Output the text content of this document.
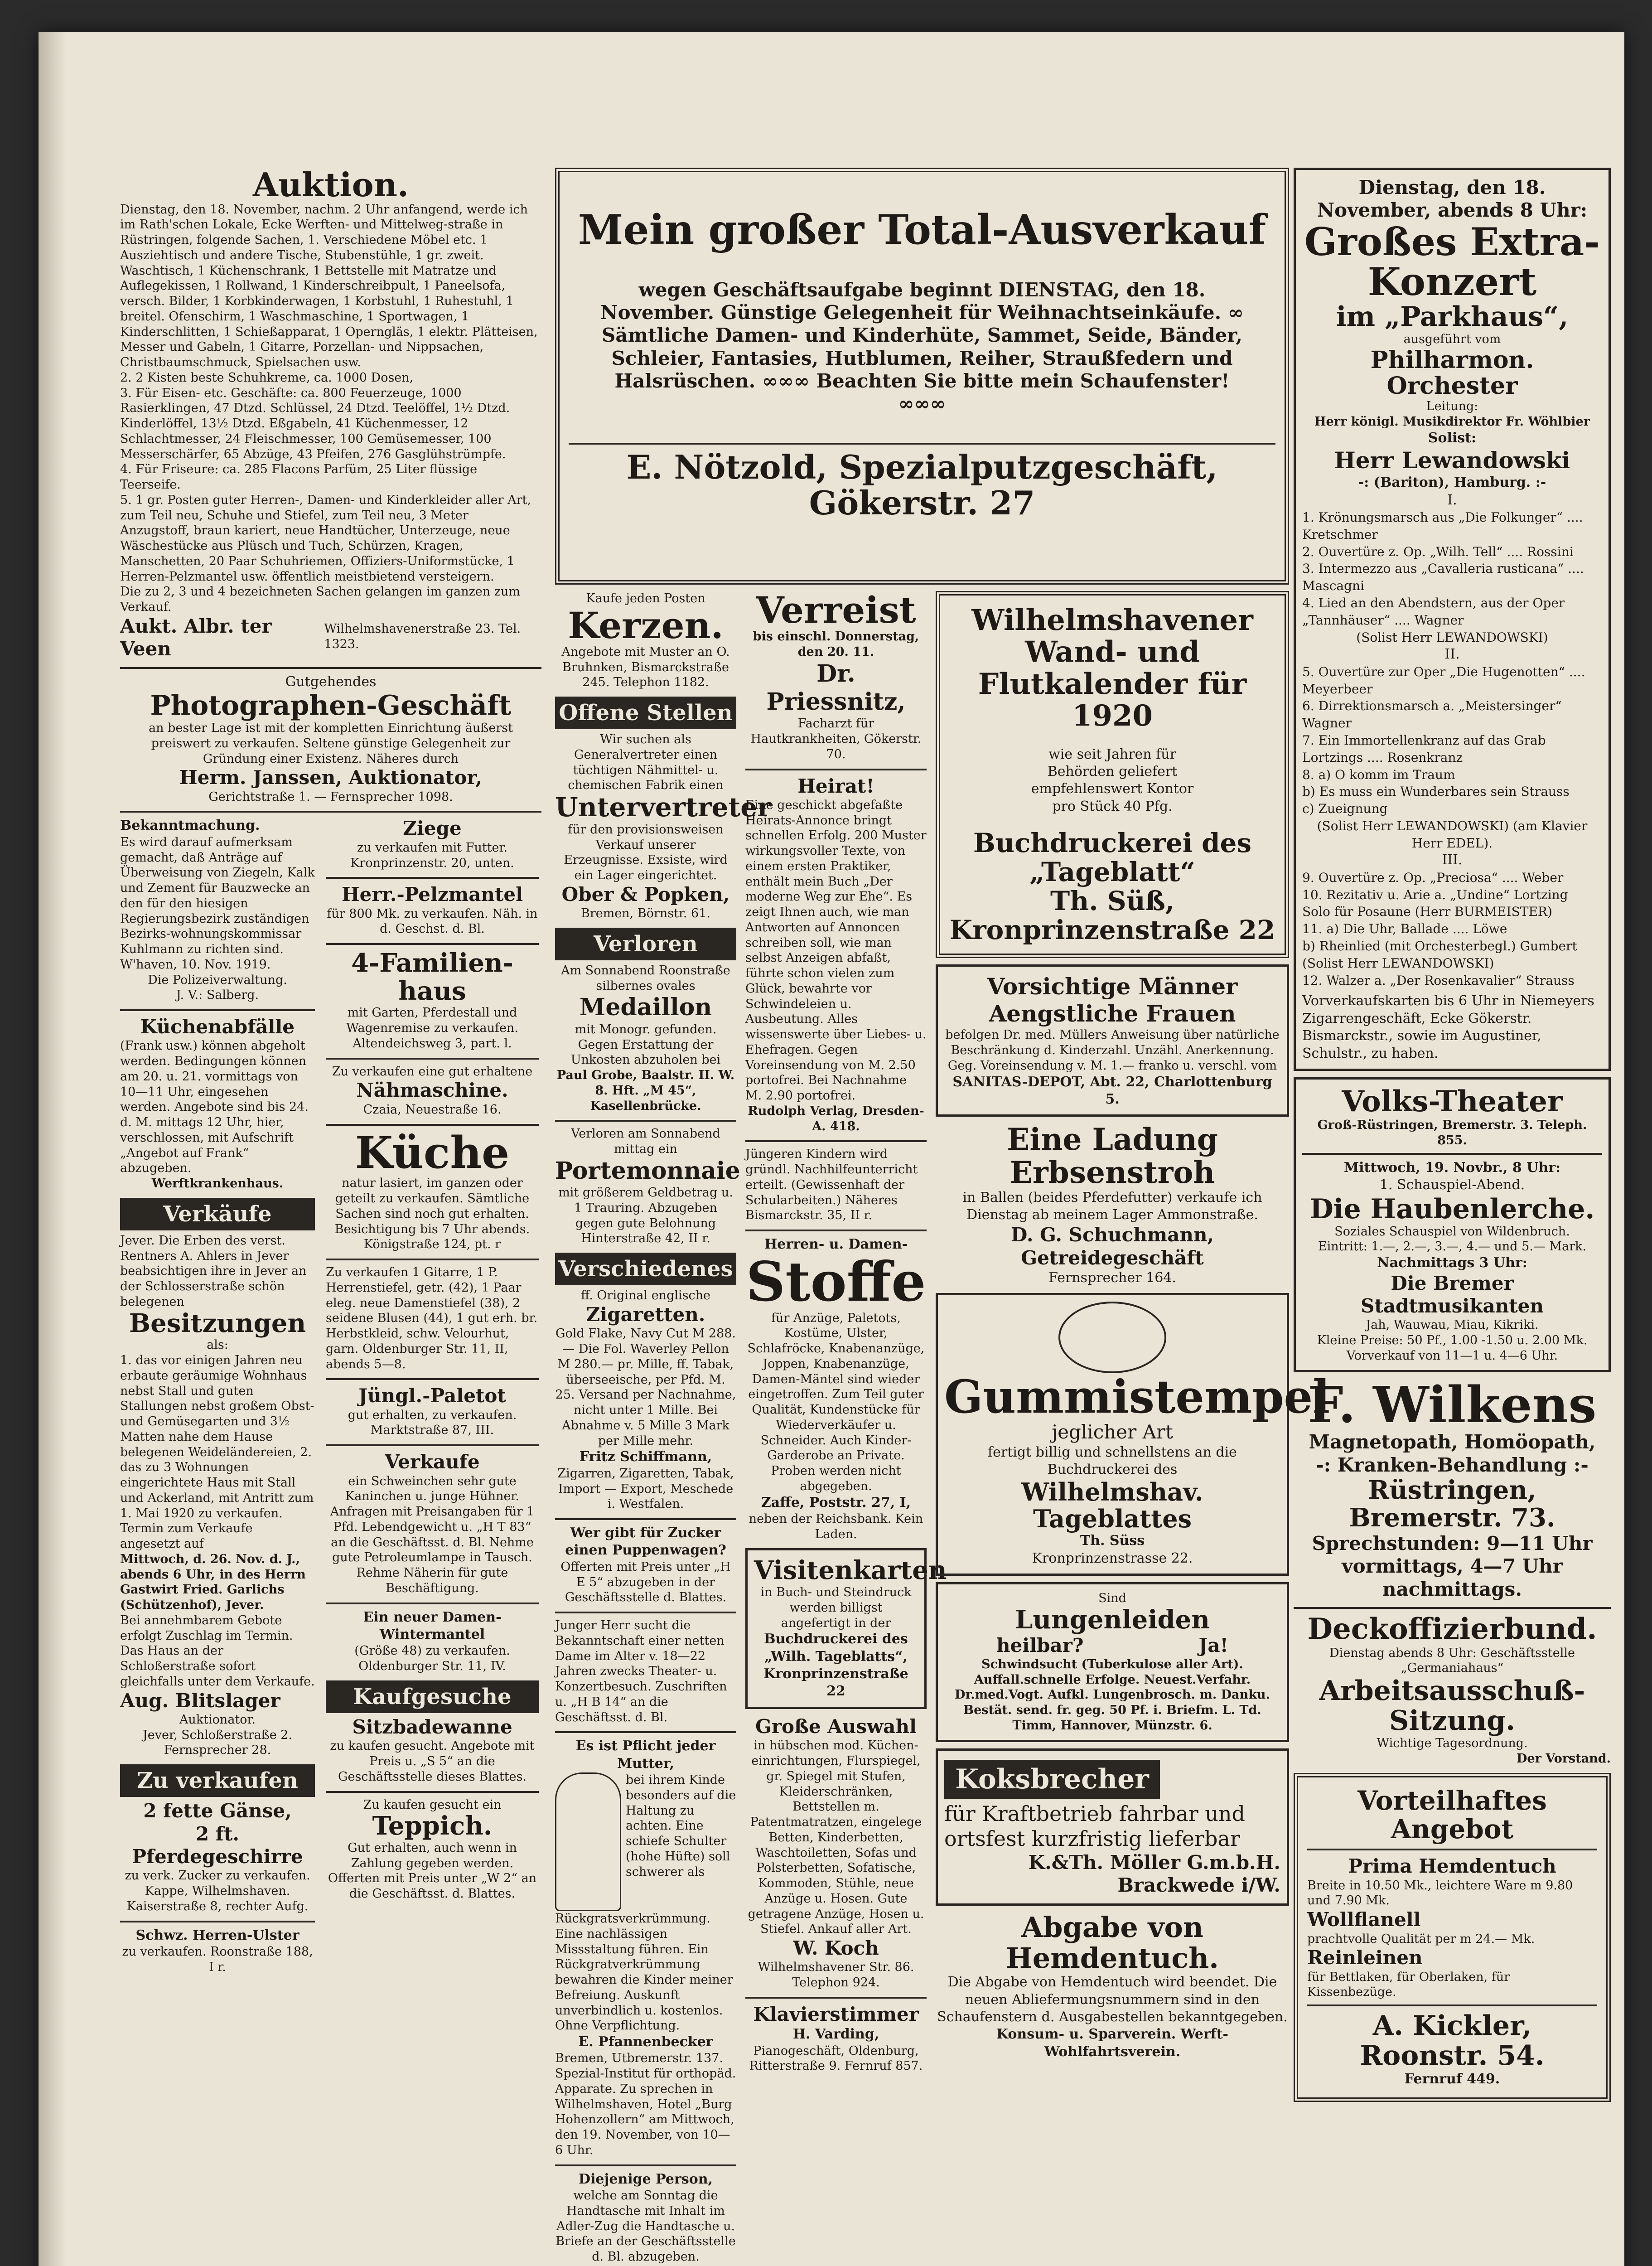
Auktion.
Dienstag, den 18. November, nachm. 2 Uhr anfangend, werde ich im Rath'schen Lokale, Ecke Werften- und Mittelweg-straße in Rüstringen, folgende Sachen, 1. Verschiedene Möbel etc. 1 Ausziehtisch und andere Tische, Stubenstühle, 1 gr. zweit. Waschtisch, 1 Küchenschrank, 1 Bettstelle mit Matratze und Auflegekissen, 1 Rollwand, 1 Kinderschreibpult, 1 Paneelsofa, versch. Bilder, 1 Korbkinderwagen, 1 Korbstuhl, 1 Ruhestuhl, 1 breitel. Ofenschirm, 1 Waschmaschine, 1 Sportwagen, 1 Kinderschlitten, 1 Schießapparat, 1 Operngläs, 1 elektr. Plätteisen, Messer und Gabeln, 1 Gitarre, Porzellan- und Nippsachen, Christbaumschmuck, Spielsachen usw.
2. 2 Kisten beste Schuhkreme, ca. 1000 Dosen,
3. Für Eisen- etc. Geschäfte: ca. 800 Feuerzeuge, 1000 Rasierklingen, 47 Dtzd. Schlüssel, 24 Dtzd. Teelöffel, 1½ Dtzd. Kinderlöffel, 13½ Dtzd. Eßgabeln, 41 Küchenmesser, 12 Schlachtmesser, 24 Fleischmesser, 100 Gemüsemesser, 100 Messerschärfer, 65 Abzüge, 43 Pfeifen, 276 Gasglühstrümpfe.
4. Für Friseure: ca. 285 Flacons Parfüm, 25 Liter flüssige Teerseife.
5. 1 gr. Posten guter Herren-, Damen- und Kinderkleider aller Art, zum Teil neu, Schuhe und Stiefel, zum Teil neu, 3 Meter Anzugstoff, braun kariert, neue Handtücher, Unterzeuge, neue Wäschestücke aus Plüsch und Tuch, Schürzen, Kragen, Manschetten, 20 Paar Schuhriemen, Offiziers-Uniformstücke, 1 Herren-Pelzmantel usw. öffentlich meistbietend versteigern.
Die zu 2, 3 und 4 bezeichneten Sachen gelangen im ganzen zum Verkauf.
Aukt. Albr. ter Veen
Wilhelmshavenerstraße 23. Tel. 1323.
Gutgehendes
Photographen-Geschäft
an bester Lage ist mit der kompletten Einrichtung äußerst preiswert zu verkaufen. Seltene günstige Gelegenheit zur Gründung einer Existenz. Näheres durch
Herm. Janssen, Auktionator,
Gerichtstraße 1. — Fernsprecher 1098.
Bekanntmachung.
Es wird darauf aufmerksam gemacht, daß Anträge auf Überweisung von Ziegeln, Kalk und Zement für Bauzwecke an den für den hiesigen Regierungsbezirk zuständigen Bezirks-wohnungskommissar Kuhlmann zu richten sind. W'haven, 10. Nov. 1919.
Die Polizeiverwaltung.
J. V.: Salberg.
Küchenabfälle
(Frank usw.) können abgeholt werden. Bedingungen können am 20. u. 21. vormittags von 10—11 Uhr, eingesehen werden. Angebote sind bis 24. d. M. mittags 12 Uhr, hier, verschlossen, mit Aufschrift „Angebot auf Frank“ abzugeben.
Werftkrankenhaus.
Verkäufe
Jever. Die Erben des verst. Rentners A. Ahlers in Jever beabsichtigen ihre in Jever an der Schlosserstraße schön belegenen
Besitzungen
als:
1. das vor einigen Jahren neu erbaute geräumige Wohnhaus nebst Stall und guten Stallungen nebst großem Obst- und Gemüsegarten und 3½ Matten nahe dem Hause belegenen Weideländereien, 2. das zu 3 Wohnungen eingerichtete Haus mit Stall und Ackerland, mit Antritt zum 1. Mai 1920 zu verkaufen. Termin zum Verkaufe angesetzt auf
Mittwoch, d. 26. Nov. d. J., abends 6 Uhr, in des Herrn Gastwirt Fried. Garlichs (Schützenhof), Jever.
Bei annehmbarem Gebote erfolgt Zuschlag im Termin. Das Haus an der Schloßerstraße sofort gleichfalls unter dem Verkaufe.
Aug. Blitslager
Auktionator.
Jever, Schloßerstraße 2. Fernsprecher 28.
Zu verkaufen
2 fette Gänse,
2 ft. Pferdegeschirre
zu verk. Zucker zu verkaufen. Kappe, Wilhelmshaven. Kaiserstraße 8, rechter Aufg.
Schwz. Herren-Ulster
zu verkaufen. Roonstraße 188, I r.
Ziege
zu verkaufen mit Futter. Kronprinzenstr. 20, unten.
Herr.-Pelzmantel
für 800 Mk. zu verkaufen. Näh. in d. Geschst. d. Bl.
4-Familien-haus
mit Garten, Pferdestall und Wagenremise zu verkaufen. Altendeichsweg 3, part. l.
Zu verkaufen eine gut erhaltene
Nähmaschine.
Czaia, Neuestraße 16.
Küche
natur lasiert, im ganzen oder geteilt zu verkaufen. Sämtliche Sachen sind noch gut erhalten. Besichtigung bis 7 Uhr abends. Königstraße 124, pt. r
Zu verkaufen 1 Gitarre, 1 P. Herrenstiefel, getr. (42), 1 Paar eleg. neue Damenstiefel (38), 2 seidene Blusen (44), 1 gut erh. br. Herbstkleid, schw. Velourhut, garn. Oldenburger Str. 11, II, abends 5—8.
Jüngl.-Paletot
gut erhalten, zu verkaufen. Marktstraße 87, III.
Verkaufe
ein Schweinchen sehr gute Kaninchen u. junge Hühner. Anfragen mit Preisangaben für 1 Pfd. Lebendgewicht u. „H T 83“ an die Geschäftsst. d. Bl. Nehme gute Petroleumlampe in Tausch.
Rehme Näherin für gute Beschäftigung.
Ein neuer Damen-Wintermantel
(Größe 48) zu verkaufen. Oldenburger Str. 11, IV.
Kaufgesuche
Sitzbadewanne
zu kaufen gesucht. Angebote mit Preis u. „S 5“ an die Geschäftsstelle dieses Blattes.
Zu kaufen gesucht ein
Teppich.
Gut erhalten, auch wenn in Zahlung gegeben werden. Offerten mit Preis unter „W 2“ an die Geschäftsst. d. Blattes.
Mein großer Total-Ausverkauf
wegen Geschäftsaufgabe beginnt DIENSTAG, den 18. November. Günstige Gelegenheit für Weihnachtseinkäufe. ∞ Sämtliche Damen- und Kinderhüte, Sammet, Seide, Bänder, Schleier, Fantasies, Hutblumen, Reiher, Straußfedern und Halsrüschen. ∞∞∞ Beachten Sie bitte mein Schaufenster! ∞∞∞
E. Nötzold, Spezialputzgeschäft, Gökerstr. 27
Kaufe jeden Posten
Kerzen.
Angebote mit Muster an O. Bruhnken, Bismarckstraße 245. Telephon 1182.
Offene Stellen
Wir suchen als Generalvertreter einen tüchtigen Nähmittel- u. chemischen Fabrik einen
Untervertreter
für den provisionsweisen Verkauf unserer Erzeugnisse. Exsiste, wird ein Lager eingerichtet.
Ober & Popken,
Bremen, Börnstr. 61.
Verloren
Am Sonnabend Roonstraße silbernes ovales
Medaillon
mit Monogr. gefunden. Gegen Erstattung der Unkosten abzuholen bei
Paul Grobe, Baalstr. II. W. 8. Hft. „M 45“, Kasellenbrücke.
Verloren am Sonnabend mittag ein
Portemonnaie
mit größerem Geldbetrag u. 1 Trauring. Abzugeben gegen gute Belohnung Hinterstraße 42, II r.
Verschiedenes
ff. Original englische
Zigaretten.
Gold Flake, Navy Cut M 288.— Die Fol. Waverley Pellon M 280.— pr. Mille, ff. Tabak, überseeische, per Pfd. M. 25. Versand per Nachnahme, nicht unter 1 Mille. Bei Abnahme v. 5 Mille 3 Mark per Mille mehr.
Fritz Schiffmann,
Zigarren, Zigaretten, Tabak, Import — Export, Meschede i. Westfalen.
Wer gibt für Zucker einen Puppenwagen?
Offerten mit Preis unter „H E 5“ abzugeben in der Geschäftsstelle d. Blattes.
Junger Herr sucht die Bekanntschaft einer netten Dame im Alter v. 18—22 Jahren zwecks Theater- u. Konzertbesuch. Zuschriften u. „H B 14“ an die Geschäftsst. d. Bl.
Es ist Pflicht jeder Mutter,
bei ihrem Kinde besonders auf die Haltung zu achten. Eine schiefe Schulter (hohe Hüfte) soll schwerer als Rückgratsverkrümmung. Eine nachlässigen Missstaltung führen. Ein Rückgratverkrümmung bewahren die Kinder meiner Befreiung. Auskunft unverbindlich u. kostenlos. Ohne Verpflichtung.
E. Pfannenbecker
Bremen, Utbremerstr. 137. Spezial-Institut für orthopäd. Apparate. Zu sprechen in Wilhelmshaven, Hotel „Burg Hohenzollern“ am Mittwoch, den 19. November, von 10—6 Uhr.
Diejenige Person,
welche am Sonntag die Handtasche mit Inhalt im Adler-Zug die Handtasche u. Briefe an der Geschäftsstelle d. Bl. abzugeben.
Verreist
bis einschl. Donnerstag, den 20. 11.
Dr. Priessnitz,
Facharzt für Hautkrankheiten, Gökerstr. 70.
Heirat!
Eine geschickt abgefaßte Heirats-Annonce bringt schnellen Erfolg. 200 Muster wirkungsvoller Texte, von einem ersten Praktiker, enthält mein Buch „Der moderne Weg zur Ehe“. Es zeigt Ihnen auch, wie man Antworten auf Annoncen schreiben soll, wie man selbst Anzeigen abfaßt, führte schon vielen zum Glück, bewahrte vor Schwindeleien u. Ausbeutung. Alles wissenswerte über Liebes- u. Ehefragen. Gegen Voreinsendung von M. 2.50 portofrei. Bei Nachnahme M. 2.90 portofrei.
Rudolph Verlag, Dresden-A. 418.
Jüngeren Kindern wird gründl. Nachhilfeunterricht erteilt. (Gewissenhaft der Schularbeiten.) Näheres Bismarckstr. 35, II r.
Herren- u. Damen-
Stoffe
für Anzüge, Paletots, Kostüme, Ulster, Schlafröcke, Knabenanzüge, Joppen, Knabenanzüge, Damen-Mäntel sind wieder eingetroffen. Zum Teil guter Qualität, Kundenstücke für Wiederverkäufer u. Schneider. Auch Kinder-Garderobe an Private. Proben werden nicht abgegeben.
Zaffe, Poststr. 27, I,
neben der Reichsbank. Kein Laden.
Visitenkarten
in Buch- und Steindruck werden billigst angefertigt in der
Buchdruckerei des „Wilh. Tageblatts“, Kronprinzenstraße 22
Große Auswahl
in hübschen mod. Küchen-einrichtungen, Flurspiegel, gr. Spiegel mit Stufen, Kleiderschränken, Bettstellen m. Patentmatratzen, eingelege Betten, Kinderbetten, Waschtoiletten, Sofas und Polsterbetten, Sofatische, Kommoden, Stühle, neue Anzüge u. Hosen. Gute getragene Anzüge, Hosen u. Stiefel. Ankauf aller Art.
W. Koch
Wilhelmshavener Str. 86. Telephon 924.
Klavierstimmer
H. Varding,
Pianogeschäft, Oldenburg, Ritterstraße 9. Fernruf 857.
Wilhelmshavener Wand- und Flutkalender für 1920
wie seit Jahren für Behörden geliefert empfehlenswert Kontor pro Stück 40 Pfg.
Buchdruckerei des „Tageblatt“
Th. Süß, Kronprinzenstraße 22
Vorsichtige Männer Aengstliche Frauen
befolgen Dr. med. Müllers Anweisung über natürliche Beschränkung d. Kinderzahl. Unzähl. Anerkennung. Geg. Voreinsendung v. M. 1.— franko u. verschl. vom
SANITAS-DEPOT, Abt. 22, Charlottenburg 5.
Eine Ladung Erbsenstroh
in Ballen (beides Pferdefutter) verkaufe ich Dienstag ab meinem Lager Ammonstraße.
D. G. Schuchmann, Getreidegeschäft
Fernsprecher 164.
Gummistempel
jeglicher Art
fertigt billig und schnellstens an die Buchdruckerei des
Wilhelmshav. Tageblattes
Th. Süss
Kronprinzenstrasse 22.
Sind
Lungenleiden
heilbar?	Ja!
Schwindsucht (Tuberkulose aller Art). Auffall.schnelle Erfolge. Neuest.Verfahr. Dr.med.Vogt. Aufkl. Lungenbrosch. m. Danku. Bestät. send. fr. geg. 50 Pf. i. Briefm. L. Td. Timm, Hannover, Münzstr. 6.
Koksbrecher
für Kraftbetrieb fahrbar und ortsfest kurzfristig lieferbar
K.&Th. Möller G.m.b.H. Brackwede i/W.
Abgabe von Hemdentuch.
Die Abgabe von Hemdentuch wird beendet. Die neuen Abliefermungsnummern sind in den Schaufenstern d. Ausgabestellen bekanntgegeben.
Konsum- u. Sparverein. Werft-Wohlfahrtsverein.
Dienstag, den 18. November, abends 8 Uhr:
Großes Extra-Konzert
im „Parkhaus“,
ausgeführt vom
Philharmon. Orchester
Leitung:
Herr königl. Musikdirektor Fr. Wöhlbier
Solist:
Herr Lewandowski
-: (Bariton), Hamburg. :-
I.
1. Krönungsmarsch aus „Die Folkunger“ .... Kretschmer
2. Ouvertüre z. Op. „Wilh. Tell“ .... Rossini
3. Intermezzo aus „Cavalleria rusticana“ .... Mascagni
4. Lied an den Abendstern, aus der Oper „Tannhäuser“ .... Wagner
(Solist Herr LEWANDOWSKI)
II.
5. Ouvertüre zur Oper „Die Hugenotten“ .... Meyerbeer
6. Dirrektionsmarsch a. „Meistersinger“ Wagner
7. Ein Immortellenkranz auf das Grab Lortzings .... Rosenkranz
8. a) O komm im Traum
b) Es muss ein Wunderbares sein Strauss
c) Zueignung
(Solist Herr LEWANDOWSKI) (am Klavier Herr EDEL).
III.
9. Ouvertüre z. Op. „Preciosa“ .... Weber
10. Rezitativ u. Arie a. „Undine“ Lortzing
Solo für Posaune (Herr BURMEISTER)
11. a) Die Uhr, Ballade .... Löwe
b) Rheinlied (mit Orchesterbegl.) Gumbert
(Solist Herr LEWANDOWSKI)
12. Walzer a. „Der Rosenkavalier“ Strauss
Vorverkaufskarten bis 6 Uhr in Niemeyers Zigarrengeschäft, Ecke Gökerstr. Bismarckstr., sowie im Augustiner, Schulstr., zu haben.
Volks-Theater
Groß-Rüstringen, Bremerstr. 3. Teleph. 855.
Mittwoch, 19. Novbr., 8 Uhr:
1. Schauspiel-Abend.
Die Haubenlerche.
Soziales Schauspiel von Wildenbruch.
Eintritt: 1.—, 2.—, 3.—, 4.— und 5.— Mark.
Nachmittags 3 Uhr:
Die Bremer Stadtmusikanten
Jah, Wauwau, Miau, Kikriki.
Kleine Preise: 50 Pf., 1.00 -1.50 u. 2.00 Mk.
Vorverkauf von 11—1 u. 4—6 Uhr.
F. Wilkens
Magnetopath, Homöopath,
-: Kranken-Behandlung :-
Rüstringen, Bremerstr. 73.
Sprechstunden: 9—11 Uhr vormittags, 4—7 Uhr nachmittags.
Deckoffizierbund.
Dienstag abends 8 Uhr: Geschäftsstelle „Germaniahaus“
Arbeitsausschuß-Sitzung.
Wichtige Tagesordnung.
Der Vorstand.
Vorteilhaftes Angebot
Prima Hemdentuch
Breite in 10.50 Mk., leichtere Ware m 9.80 und 7.90 Mk.
Wollflanell
prachtvolle Qualität per m 24.— Mk.
Reinleinen
für Bettlaken, für Oberlaken, für Kissenbezüge.
A. Kickler, Roonstr. 54.
Fernruf 449.
